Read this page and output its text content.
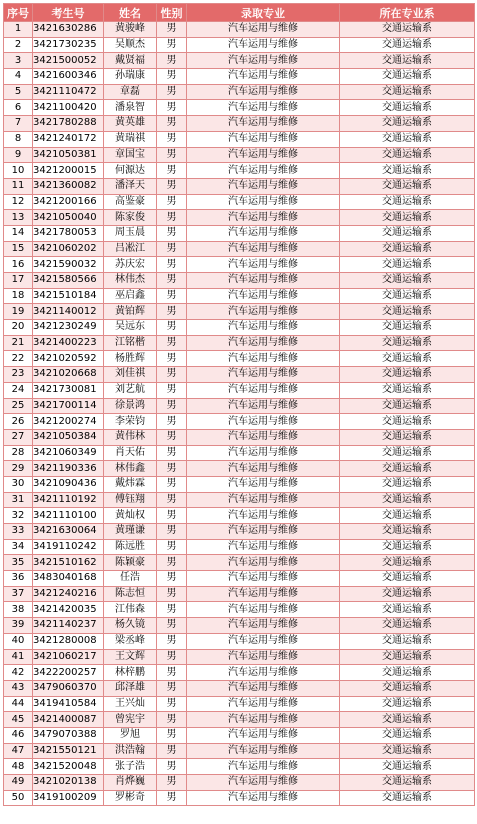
序号	考生号	姓名	性别	录取专业	所在专业系
1	3421630286	黄骏峰	男	汽车运用与维修	交通运输系
2	3421730235	吴顺杰	男	汽车运用与维修	交通运输系
3	3421500052	戴贤福	男	汽车运用与维修	交通运输系
4	3421600346	孙瑞康	男	汽车运用与维修	交通运输系
5	3421110472	章磊	男	汽车运用与维修	交通运输系
6	3421100420	潘泉智	男	汽车运用与维修	交通运输系
7	3421780288	黄英雄	男	汽车运用与维修	交通运输系
8	3421240172	黄瑞祺	男	汽车运用与维修	交通运输系
9	3421050381	章国宝	男	汽车运用与维修	交通运输系
10	3421200015	何源达	男	汽车运用与维修	交通运输系
11	3421360082	潘泽天	男	汽车运用与维修	交通运输系
12	3421200166	高鉴豪	男	汽车运用与维修	交通运输系
13	3421050040	陈家俊	男	汽车运用与维修	交通运输系
14	3421780053	周玉晨	男	汽车运用与维修	交通运输系
15	3421060202	吕凇江	男	汽车运用与维修	交通运输系
16	3421590032	苏庆宏	男	汽车运用与维修	交通运输系
17	3421580566	林伟杰	男	汽车运用与维修	交通运输系
18	3421510184	巫启鑫	男	汽车运用与维修	交通运输系
19	3421140012	黄铂辉	男	汽车运用与维修	交通运输系
20	3421230249	吴远东	男	汽车运用与维修	交通运输系
21	3421400223	江铭楷	男	汽车运用与维修	交通运输系
22	3421020592	杨胜辉	男	汽车运用与维修	交通运输系
23	3421020668	刘佳祺	男	汽车运用与维修	交通运输系
24	3421730081	刘艺航	男	汽车运用与维修	交通运输系
25	3421700114	徐景鸿	男	汽车运用与维修	交通运输系
26	3421200274	李荣钧	男	汽车运用与维修	交通运输系
27	3421050384	黄伟林	男	汽车运用与维修	交通运输系
28	3421060349	肖天佑	男	汽车运用与维修	交通运输系
29	3421190336	林伟鑫	男	汽车运用与维修	交通运输系
30	3421090436	戴炜霖	男	汽车运用与维修	交通运输系
31	3421110192	傅钰翔	男	汽车运用与维修	交通运输系
32	3421110100	黄灿权	男	汽车运用与维修	交通运输系
33	3421630064	黄瑾谦	男	汽车运用与维修	交通运输系
34	3419110242	陈远胜	男	汽车运用与维修	交通运输系
35	3421510162	陈颖豪	男	汽车运用与维修	交通运输系
36	3483040168	任浩	男	汽车运用与维修	交通运输系
37	3421240216	陈志恒	男	汽车运用与维修	交通运输系
38	3421420035	江伟森	男	汽车运用与维修	交通运输系
39	3421140237	杨久镜	男	汽车运用与维修	交通运输系
40	3421280008	梁丞峰	男	汽车运用与维修	交通运输系
41	3421060217	王文辉	男	汽车运用与维修	交通运输系
42	3422200257	林梓鹏	男	汽车运用与维修	交通运输系
43	3479060370	邱泽雄	男	汽车运用与维修	交通运输系
44	3419410584	王兴灿	男	汽车运用与维修	交通运输系
45	3421400087	曾宪宇	男	汽车运用与维修	交通运输系
46	3479070388	罗旭	男	汽车运用与维修	交通运输系
47	3421550121	洪浩翰	男	汽车运用与维修	交通运输系
48	3421520048	张子浩	男	汽车运用与维修	交通运输系
49	3421020138	肖烨巍	男	汽车运用与维修	交通运输系
50	3419100209	罗彬奇	男	汽车运用与维修	交通运输系
